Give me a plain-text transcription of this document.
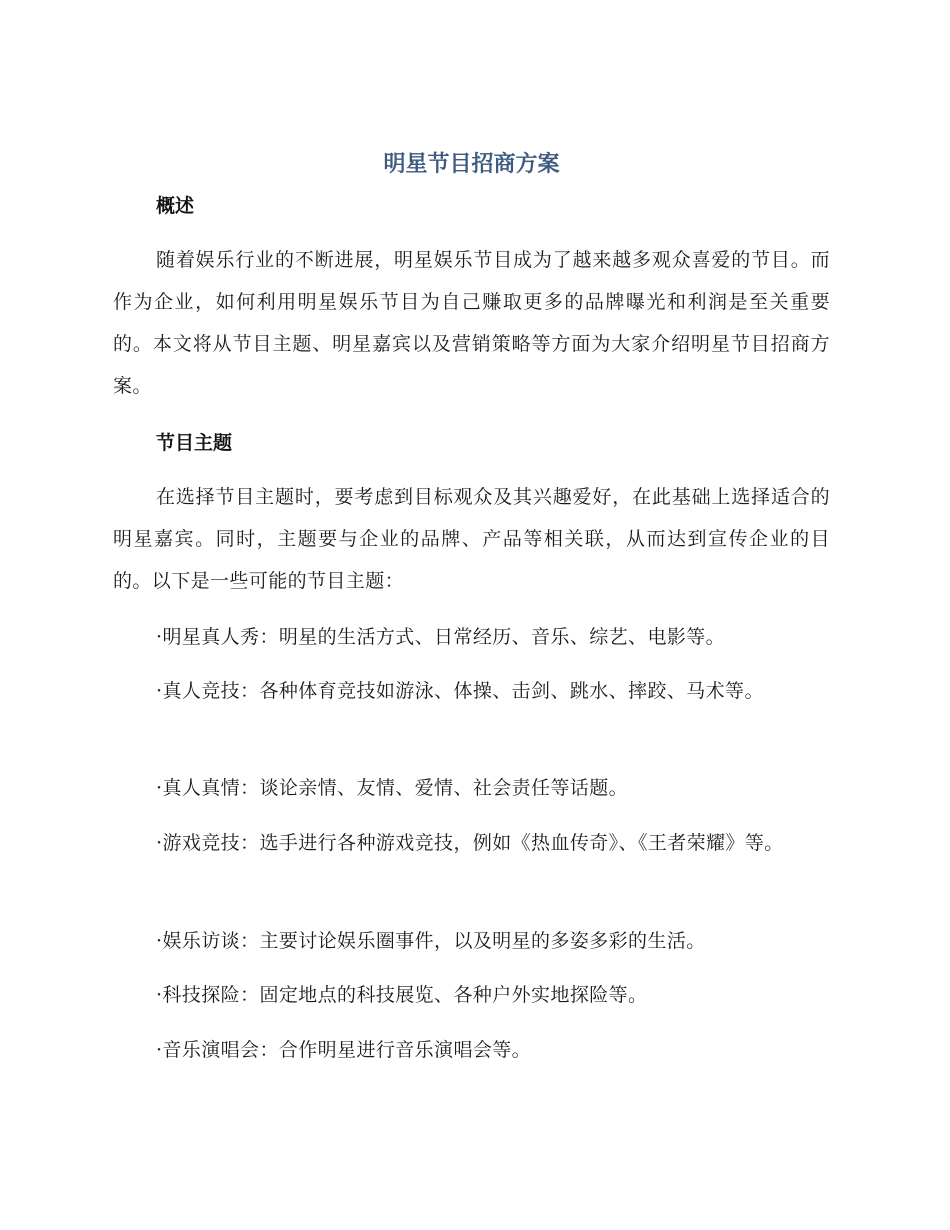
明星节目招商方案
概述

随着娱乐行业的不断进展，明星娱乐节目成为了越来越多观众喜爱的节目。而作为企业，如何利用明星娱乐节目为自己赚取更多的品牌曝光和利润是至关重要的。本文将从节目主题、明星嘉宾以及营销策略等方面为大家介绍明星节目招商方案。

节目主题

在选择节目主题时，要考虑到目标观众及其兴趣爱好，在此基础上选择适合的明星嘉宾。同时，主题要与企业的品牌、产品等相关联，从而达到宣传企业的目的。以下是一些可能的节目主题：

·明星真人秀：明星的生活方式、日常经历、音乐、综艺、电影等。

·真人竞技：各种体育竞技如游泳、体操、击剑、跳水、摔跤、马术等。

·真人真情：谈论亲情、友情、爱情、社会责任等话题。

·游戏竞技：选手进行各种游戏竞技，例如《热血传奇》、《王者荣耀》等。

·娱乐访谈：主要讨论娱乐圈事件，以及明星的多姿多彩的生活。

·科技探险：固定地点的科技展览、各种户外实地探险等。

·音乐演唱会：合作明星进行音乐演唱会等。
